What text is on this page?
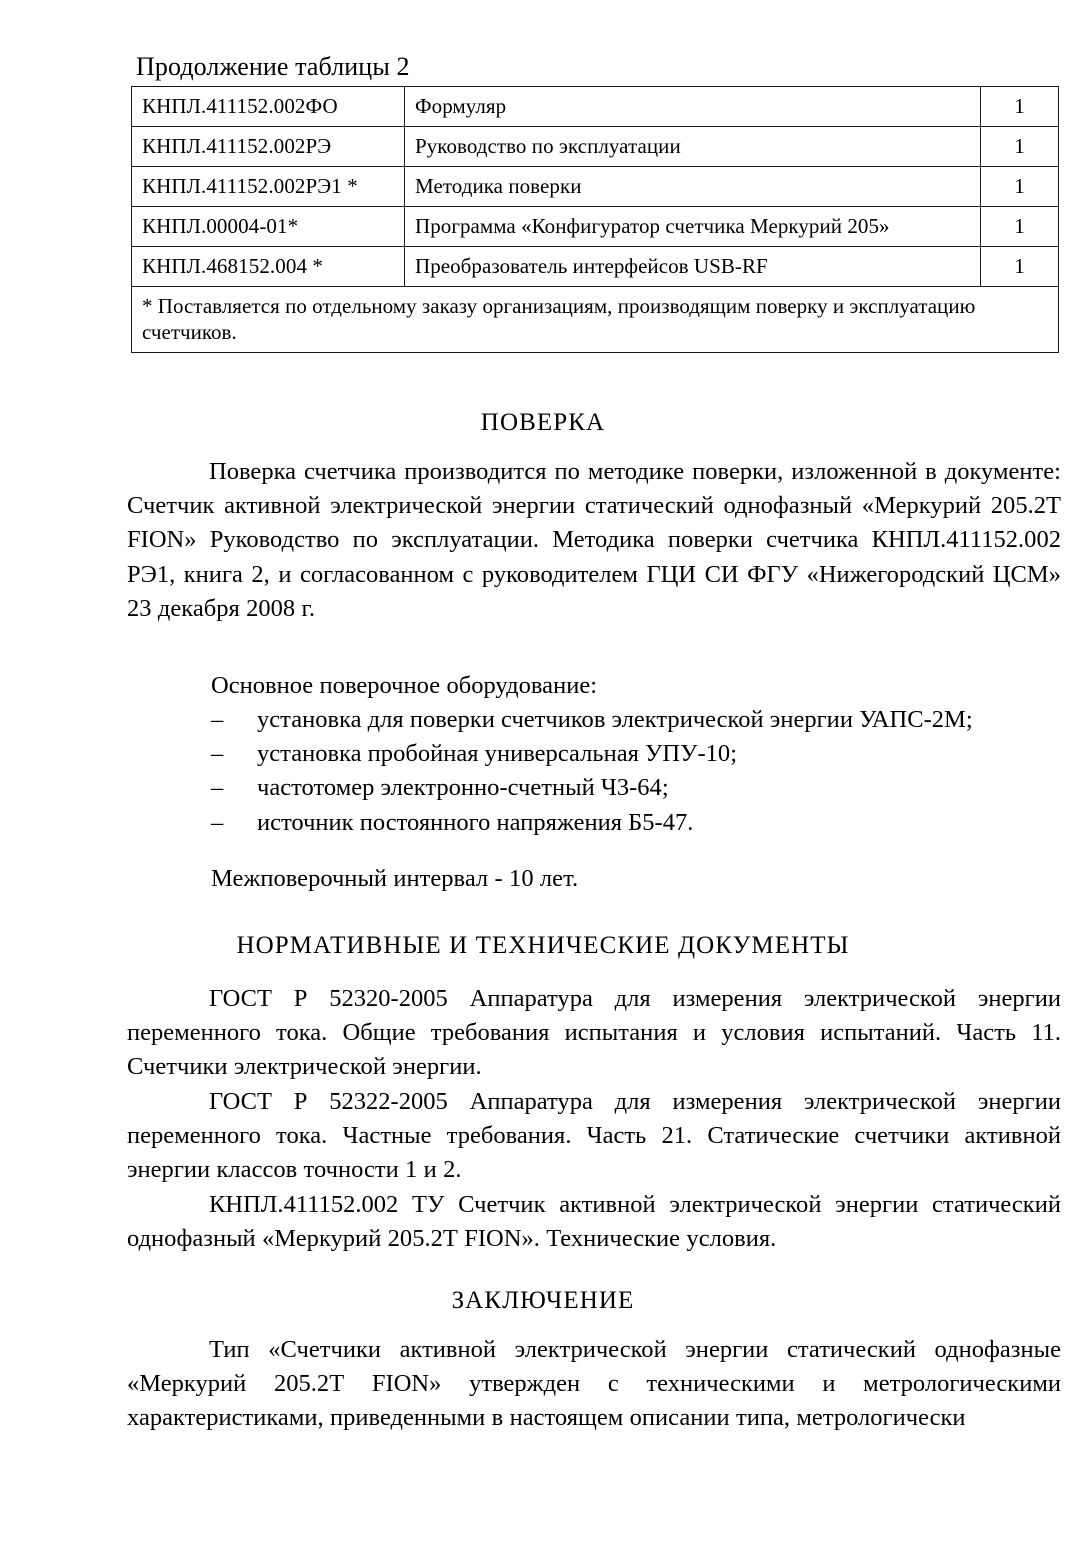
Продолжение таблицы 2
КНПЛ.411152.002ФО	Формуляр	1
КНПЛ.411152.002РЭ	Руководство по эксплуатации	1
КНПЛ.411152.002РЭ1 *	Методика поверки	1
КНПЛ.00004-01*	Программа «Конфигуратор счетчика Меркурий 205»	1
КНПЛ.468152.004 *	Преобразователь интерфейсов USB-RF	1
* Поставляется по отдельному заказу организациям, производящим поверку и эксплуатацию счетчиков.		
ПОВЕРКА
Поверка счетчика производится по методике поверки, изложенной в документе: Счетчик активной электрической энергии статический однофазный «Меркурий 205.2Т FION» Руководство по эксплуатации. Методика поверки счетчика КНПЛ.411152.002 РЭ1, книга 2, и согласованном с руководителем ГЦИ СИ ФГУ «Нижегородский ЦСМ» 23 декабря 2008 г.
Основное поверочное оборудование:
–	установка для поверки счетчиков электрической энергии УАПС-2М;
–	установка пробойная универсальная УПУ-10;
–	частотомер электронно-счетный Ч3-64;
–	источник постоянного напряжения Б5-47.
Межповерочный интервал - 10 лет.
НОРМАТИВНЫЕ И ТЕХНИЧЕСКИЕ ДОКУМЕНТЫ
ГОСТ Р 52320-2005 Аппаратура для измерения электрической энергии переменного тока. Общие требования испытания и условия испытаний. Часть 11. Счетчики электрической энергии.
ГОСТ Р 52322-2005 Аппаратура для измерения электрической энергии переменного тока. Частные требования. Часть 21. Статические счетчики активной энергии классов точности 1 и 2.
КНПЛ.411152.002 ТУ Счетчик активной электрической энергии статический однофазный «Меркурий 205.2Т FION». Технические условия.
ЗАКЛЮЧЕНИЕ
Тип «Счетчики активной электрической энергии статический однофазные «Меркурий 205.2Т FION» утвержден с техническими и метрологическими характеристиками, приведенными в настоящем описании типа, метрологически
